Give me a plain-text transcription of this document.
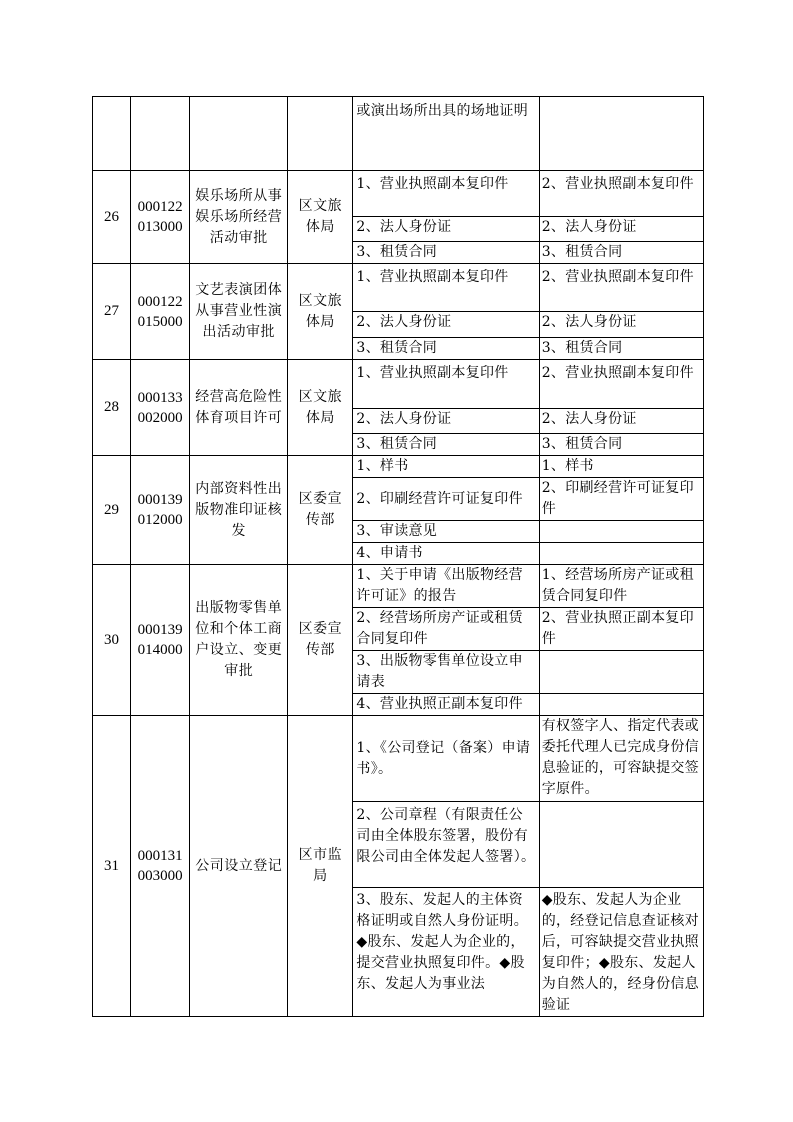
				或演出场所出具的场地证明	

26	000122 013000	娱乐场所从事娱乐场所经营活动审批	区文旅体局	1、营业执照副本复印件	2、营业执照副本复印件
				2、法人身份证	2、法人身份证
				3、租赁合同	3、租赁合同
27	000122 015000	文艺表演团体从事营业性演出活动审批	区文旅体局	1、营业执照副本复印件	2、营业执照副本复印件
				2、法人身份证	2、法人身份证
				3、租赁合同	3、租赁合同
28	000133 002000	经营高危险性体育项目许可	区文旅体局	1、营业执照副本复印件	2、营业执照副本复印件
				2、法人身份证	2、法人身份证
				3、租赁合同	3、租赁合同
29	000139 012000	内部资料性出版物准印证核发	区委宣传部	1、样书	1、样书
				2、印刷经营许可证复印件	2、印刷经营许可证复印件
				3、审读意见	
				4、申请书	
30	000139 014000	出版物零售单位和个体工商户设立、变更审批	区委宣传部	1、关于申请《出版物经营许可证》的报告	1、经营场所房产证或租赁合同复印件
				2、经营场所房产证或租赁合同复印件	2、营业执照正副本复印件
				3、出版物零售单位设立申请表	
				4、营业执照正副本复印件	
31	000131 003000	公司设立登记	区市监局	1、《公司登记（备案）申请书》。	有权签字人、指定代表或委托代理人已完成身份信息验证的，可容缺提交签字原件。
				2、公司章程（有限责任公司由全体股东签署，股份有限公司由全体发起人签署）。	
				3、股东、发起人的主体资格证明或自然人身份证明。◆股东、发起人为企业的，提交营业执照复印件。◆股东、发起人为事业法	◆股东、发起人为企业的，经登记信息查证核对后，可容缺提交营业执照复印件；◆股东、发起人为自然人的，经身份信息验证
